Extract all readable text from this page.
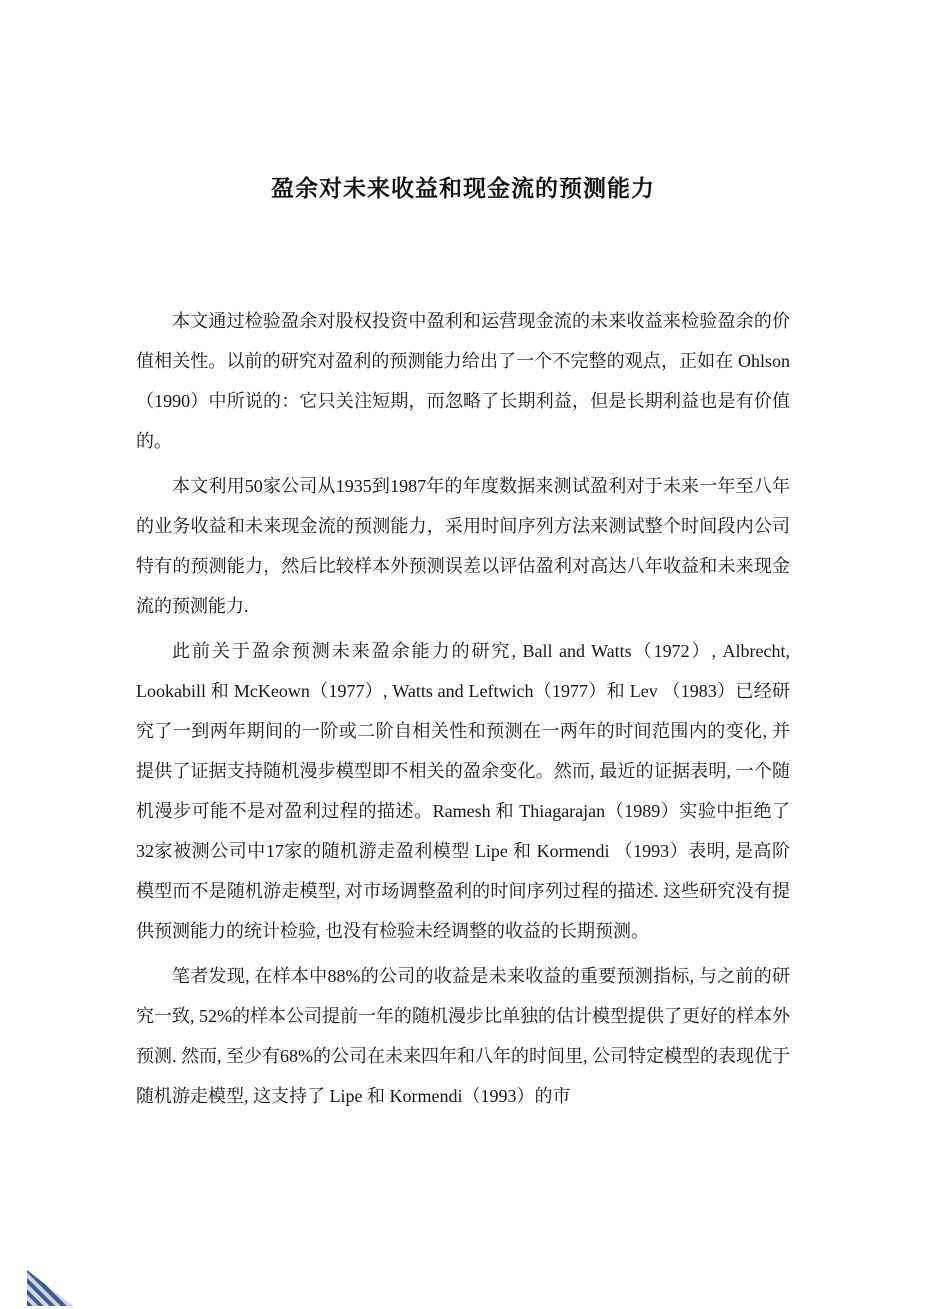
盈余对未来收益和现金流的预测能力

本文通过检验盈余对股权投资中盈利和运营现金流的未来收益来检验盈余的价值相关性。以前的研究对盈利的预测能力给出了一个不完整的观点，正如在 Ohlson（1990）中所说的：它只关注短期，而忽略了长期利益，但是长期利益也是有价值的。

本文利用50家公司从1935到1987年的年度数据来测试盈利对于未来一年至八年的业务收益和未来现金流的预测能力，采用时间序列方法来测试整个时间段内公司特有的预测能力，然后比较样本外预测误差以评估盈利对高达八年收益和未来现金流的预测能力.

此前关于盈余预测未来盈余能力的研究, Ball and Watts（1972）, Albrecht, Lookabill 和 McKeown（1977）, Watts and Leftwich（1977）和 Lev （1983）已经研究了一到两年期间的一阶或二阶自相关性和预测在一两年的时间范围内的变化, 并提供了证据支持随机漫步模型即不相关的盈余变化。然而, 最近的证据表明, 一个随机漫步可能不是对盈利过程的描述。Ramesh 和 Thiagarajan（1989）实验中拒绝了32家被测公司中17家的随机游走盈利模型 Lipe 和 Kormendi （1993）表明, 是高阶模型而不是随机游走模型, 对市场调整盈利的时间序列过程的描述. 这些研究没有提供预测能力的统计检验, 也没有检验未经调整的收益的长期预测。

笔者发现, 在样本中88%的公司的收益是未来收益的重要预测指标, 与之前的研究一致, 52%的样本公司提前一年的随机漫步比单独的估计模型提供了更好的样本外预测. 然而, 至少有68%的公司在未来四年和八年的时间里, 公司特定模型的表现优于随机游走模型, 这支持了 Lipe 和 Kormendi（1993）的市
